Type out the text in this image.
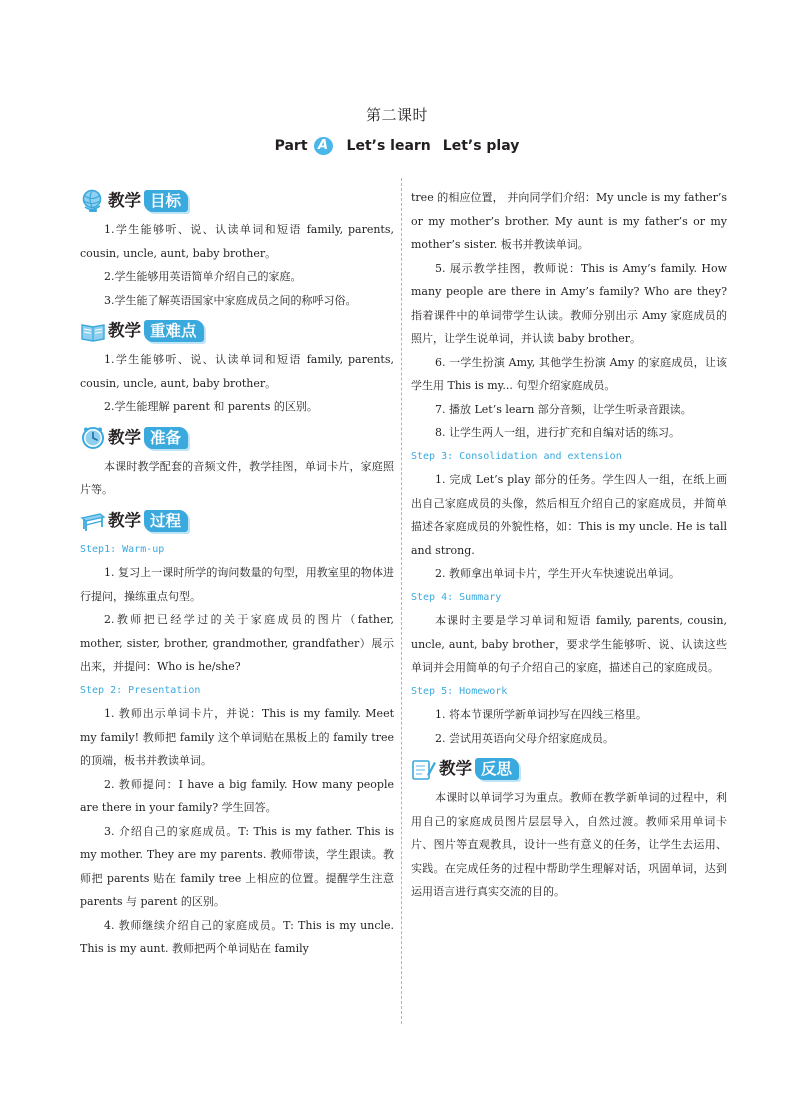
第二课时
Part A Let’s learn Let’s play
教学 目标

1.学生能够听、说、认读单词和短语 family, parents, cousin, uncle, aunt, baby brother。

2.学生能够用英语简单介绍自己的家庭。

3.学生能了解英语国家中家庭成员之间的称呼习俗。

教学 重难点

1.学生能够听、说、认读单词和短语 family, parents, cousin, uncle, aunt, baby brother。

2.学生能理解 parent 和 parents 的区别。

教学 准备

本课时教学配套的音频文件，教学挂图，单词卡片，家庭照片等。

教学 过程
Step1: Warm-up

1. 复习上一课时所学的询问数量的句型，用教室里的物体进行提问，操练重点句型。

2.教师把已经学过的关于家庭成员的图片（father, mother, sister, brother, grandmother, grandfather）展示出来，并提问：Who is he/she?

Step 2: Presentation

1. 教师出示单词卡片，并说：This is my family. Meet my family! 教师把 family 这个单词贴在黑板上的 family tree 的顶端，板书并教读单词。

2. 教师提问：I have a big family. How many people are there in your family? 学生回答。

3. 介绍自己的家庭成员。T: This is my father. This is my mother. They are my parents. 教师带读，学生跟读。教师把 parents 贴在 family tree 上相应的位置。提醒学生注意 parents 与 parent 的区别。

4. 教师继续介绍自己的家庭成员。T: This is my uncle. This is my aunt. 教师把两个单词贴在 family

tree 的相应位置， 并向同学们介绍：My uncle is my father’s or my mother’s brother. My aunt is my father’s or my mother’s sister. 板书并教读单词。

5. 展示教学挂图，教师说：This is Amy’s family. How many people are there in Amy’s family? Who are they? 指着课件中的单词带学生认读。教师分别出示 Amy 家庭成员的照片，让学生说单词，并认读 baby brother。

6. 一学生扮演 Amy, 其他学生扮演 Amy 的家庭成员，让该学生用 This is my... 句型介绍家庭成员。

7. 播放 Let’s learn 部分音频，让学生听录音跟读。

8. 让学生两人一组，进行扩充和自编对话的练习。

Step 3: Consolidation and extension

1. 完成 Let’s play 部分的任务。学生四人一组，在纸上画出自己家庭成员的头像，然后相互介绍自己的家庭成员，并简单描述各家庭成员的外貌性格，如：This is my uncle. He is tall and strong.

2. 教师拿出单词卡片，学生开火车快速说出单词。

Step 4: Summary

本课时主要是学习单词和短语 family, parents, cousin, uncle, aunt, baby brother，要求学生能够听、说、认读这些单词并会用简单的句子介绍自己的家庭，描述自己的家庭成员。

Step 5: Homework

1. 将本节课所学新单词抄写在四线三格里。

2. 尝试用英语向父母介绍家庭成员。

教学 反思

本课时以单词学习为重点。教师在教学新单词的过程中，利用自己的家庭成员图片层层导入，自然过渡。教师采用单词卡片、图片等直观教具，设计一些有意义的任务，让学生去运用、实践。在完成任务的过程中帮助学生理解对话，巩固单词，达到运用语言进行真实交流的目的。
